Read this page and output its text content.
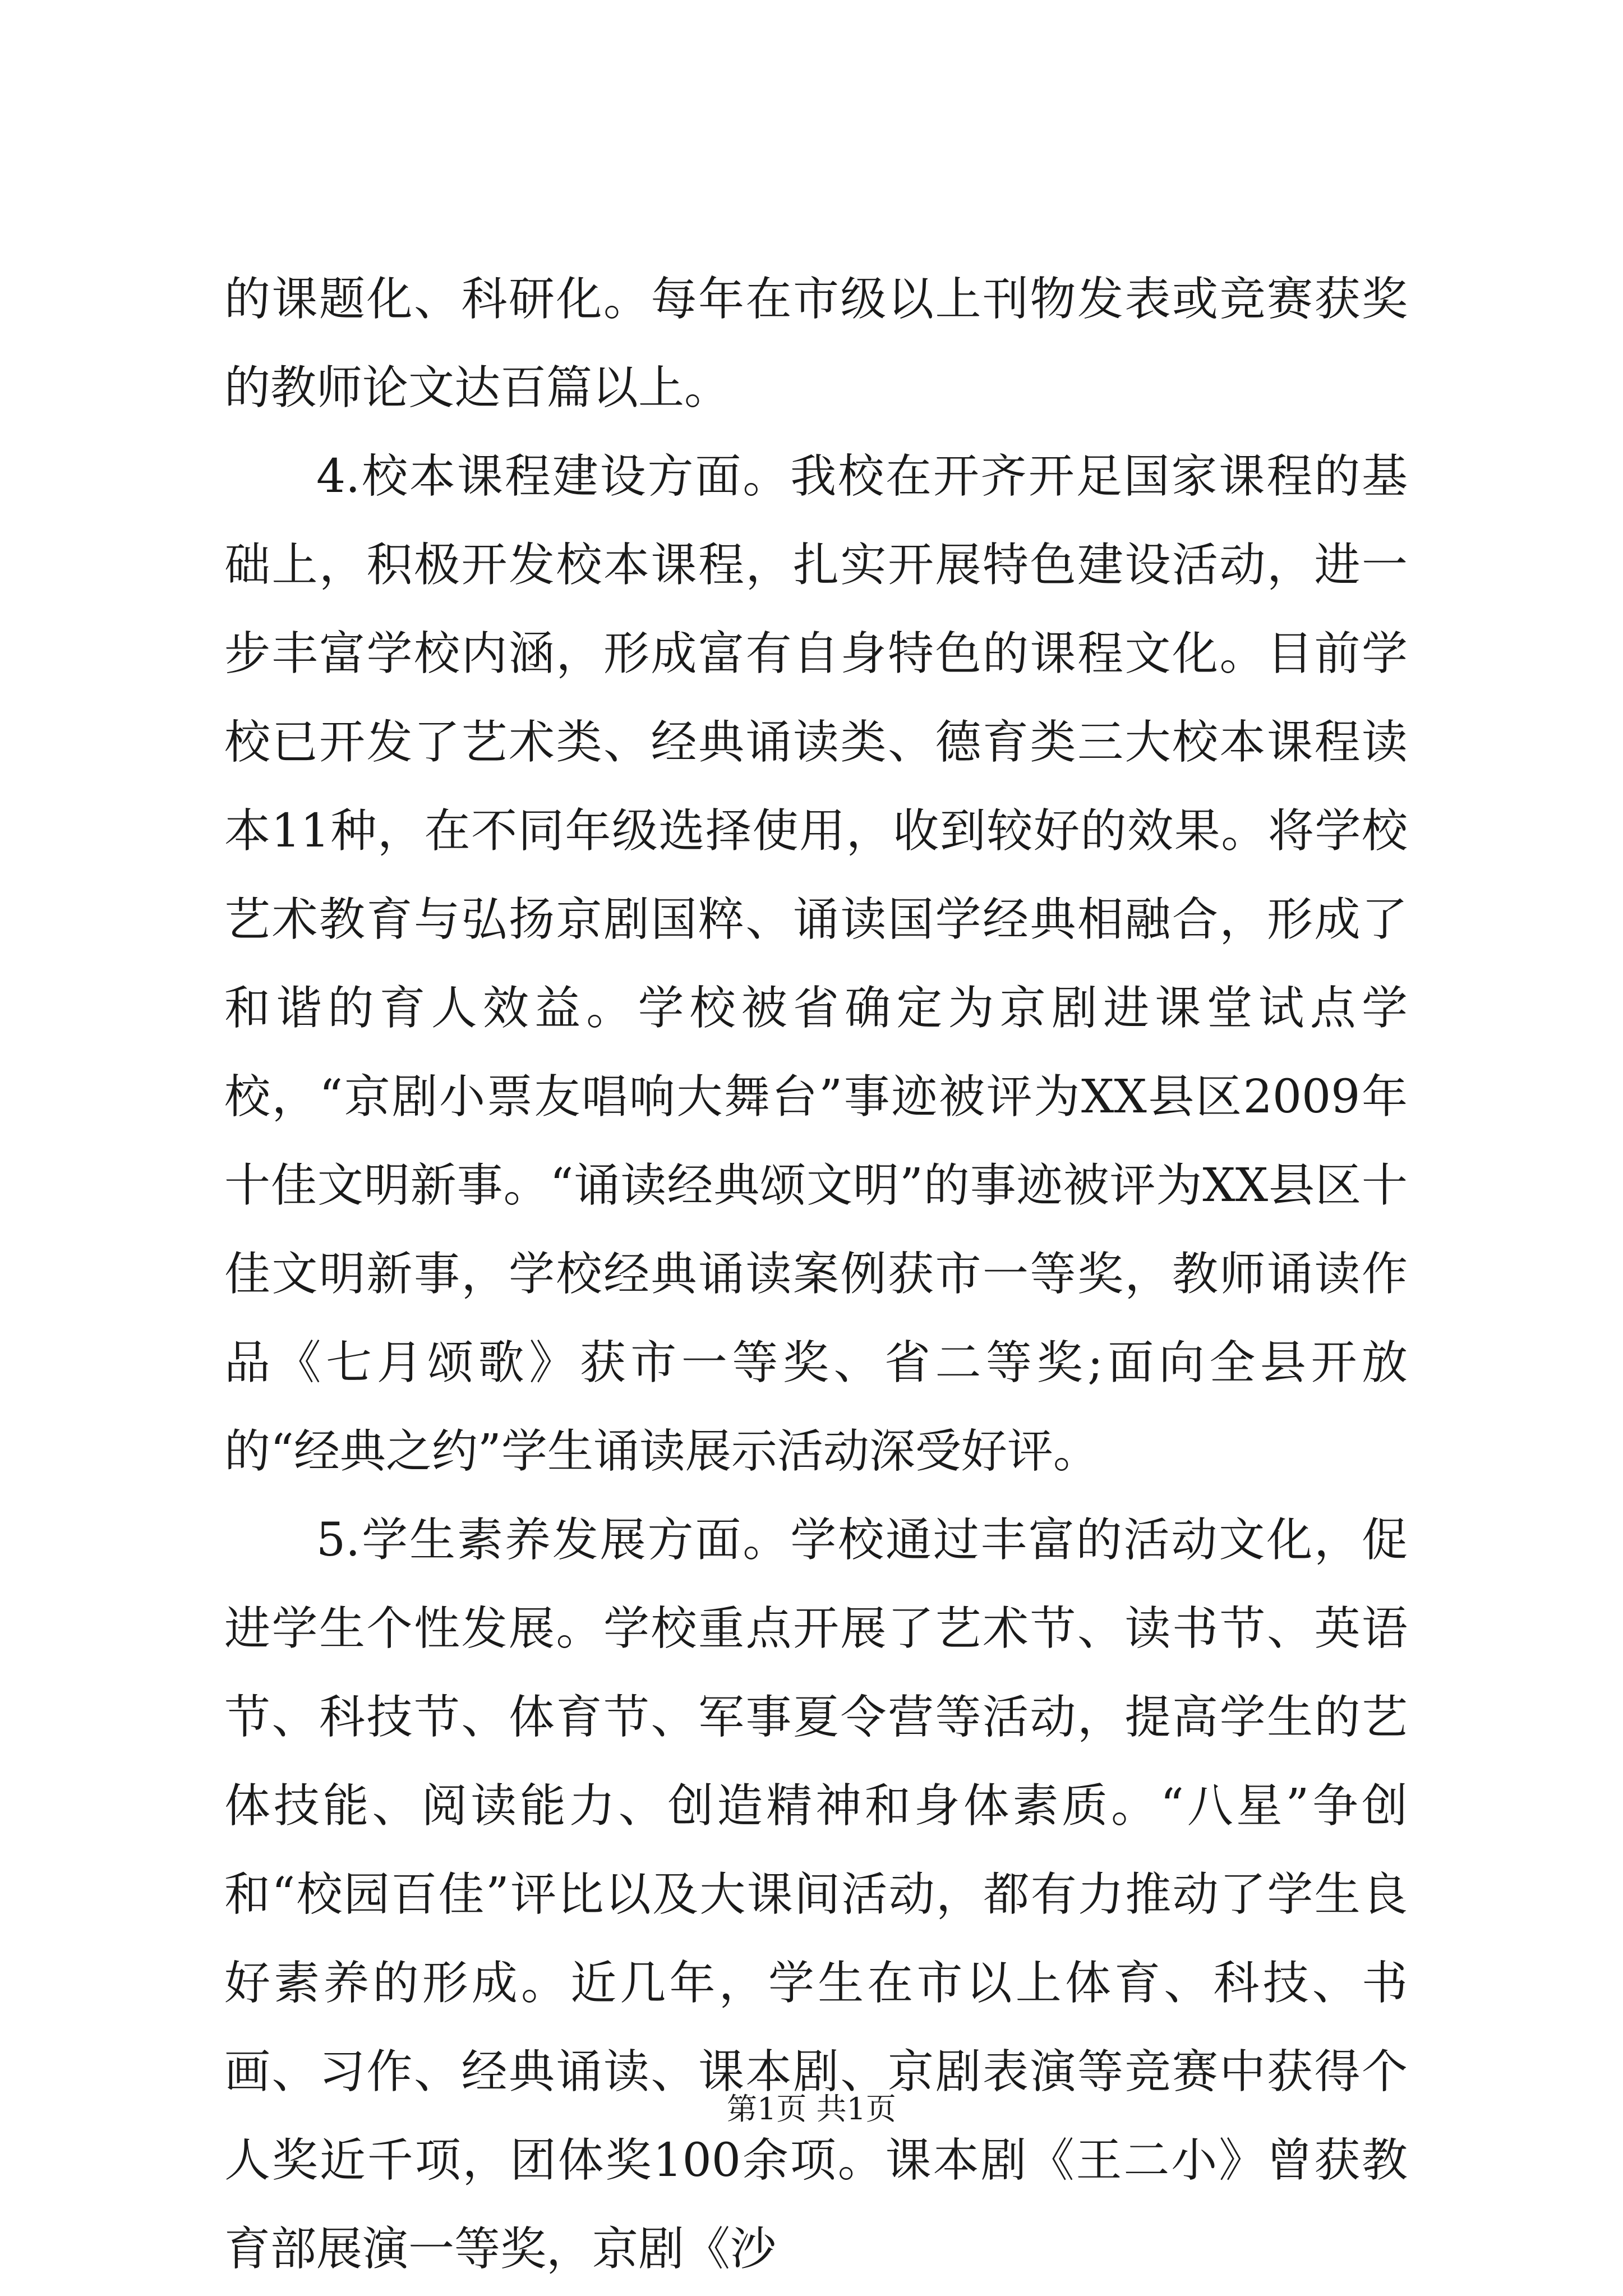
的课题化、科研化。每年在市级以上刊物发表或竞赛获奖的教师论文达百篇以上。

4.校本课程建设方面。我校在开齐开足国家课程的基础上，积极开发校本课程，扎实开展特色建设活动，进一步丰富学校内涵，形成富有自身特色的课程文化。目前学校已开发了艺术类、经典诵读类、德育类三大校本课程读本11种，在不同年级选择使用，收到较好的效果。将学校艺术教育与弘扬京剧国粹、诵读国学经典相融合，形成了和谐的育人效益。学校被省确定为京剧进课堂试点学校，“京剧小票友唱响大舞台”事迹被评为XX县区2009年十佳文明新事。“诵读经典颂文明”的事迹被评为XX县区十佳文明新事，学校经典诵读案例获市一等奖，教师诵读作品《七月颂歌》获市一等奖、省二等奖;面向全县开放的“经典之约”学生诵读展示活动深受好评。

5.学生素养发展方面。学校通过丰富的活动文化，促进学生个性发展。学校重点开展了艺术节、读书节、英语节、科技节、体育节、军事夏令营等活动，提高学生的艺体技能、阅读能力、创造精神和身体素质。“八星”争创和“校园百佳”评比以及大课间活动，都有力推动了学生良好素养的形成。近几年，学生在市以上体育、科技、书画、习作、经典诵读、课本剧、京剧表演等竞赛中获得个人奖近千项，团体奖100余项。课本剧《王二小》曾获教育部展演一等奖，京剧《沙

第1页 共1页
